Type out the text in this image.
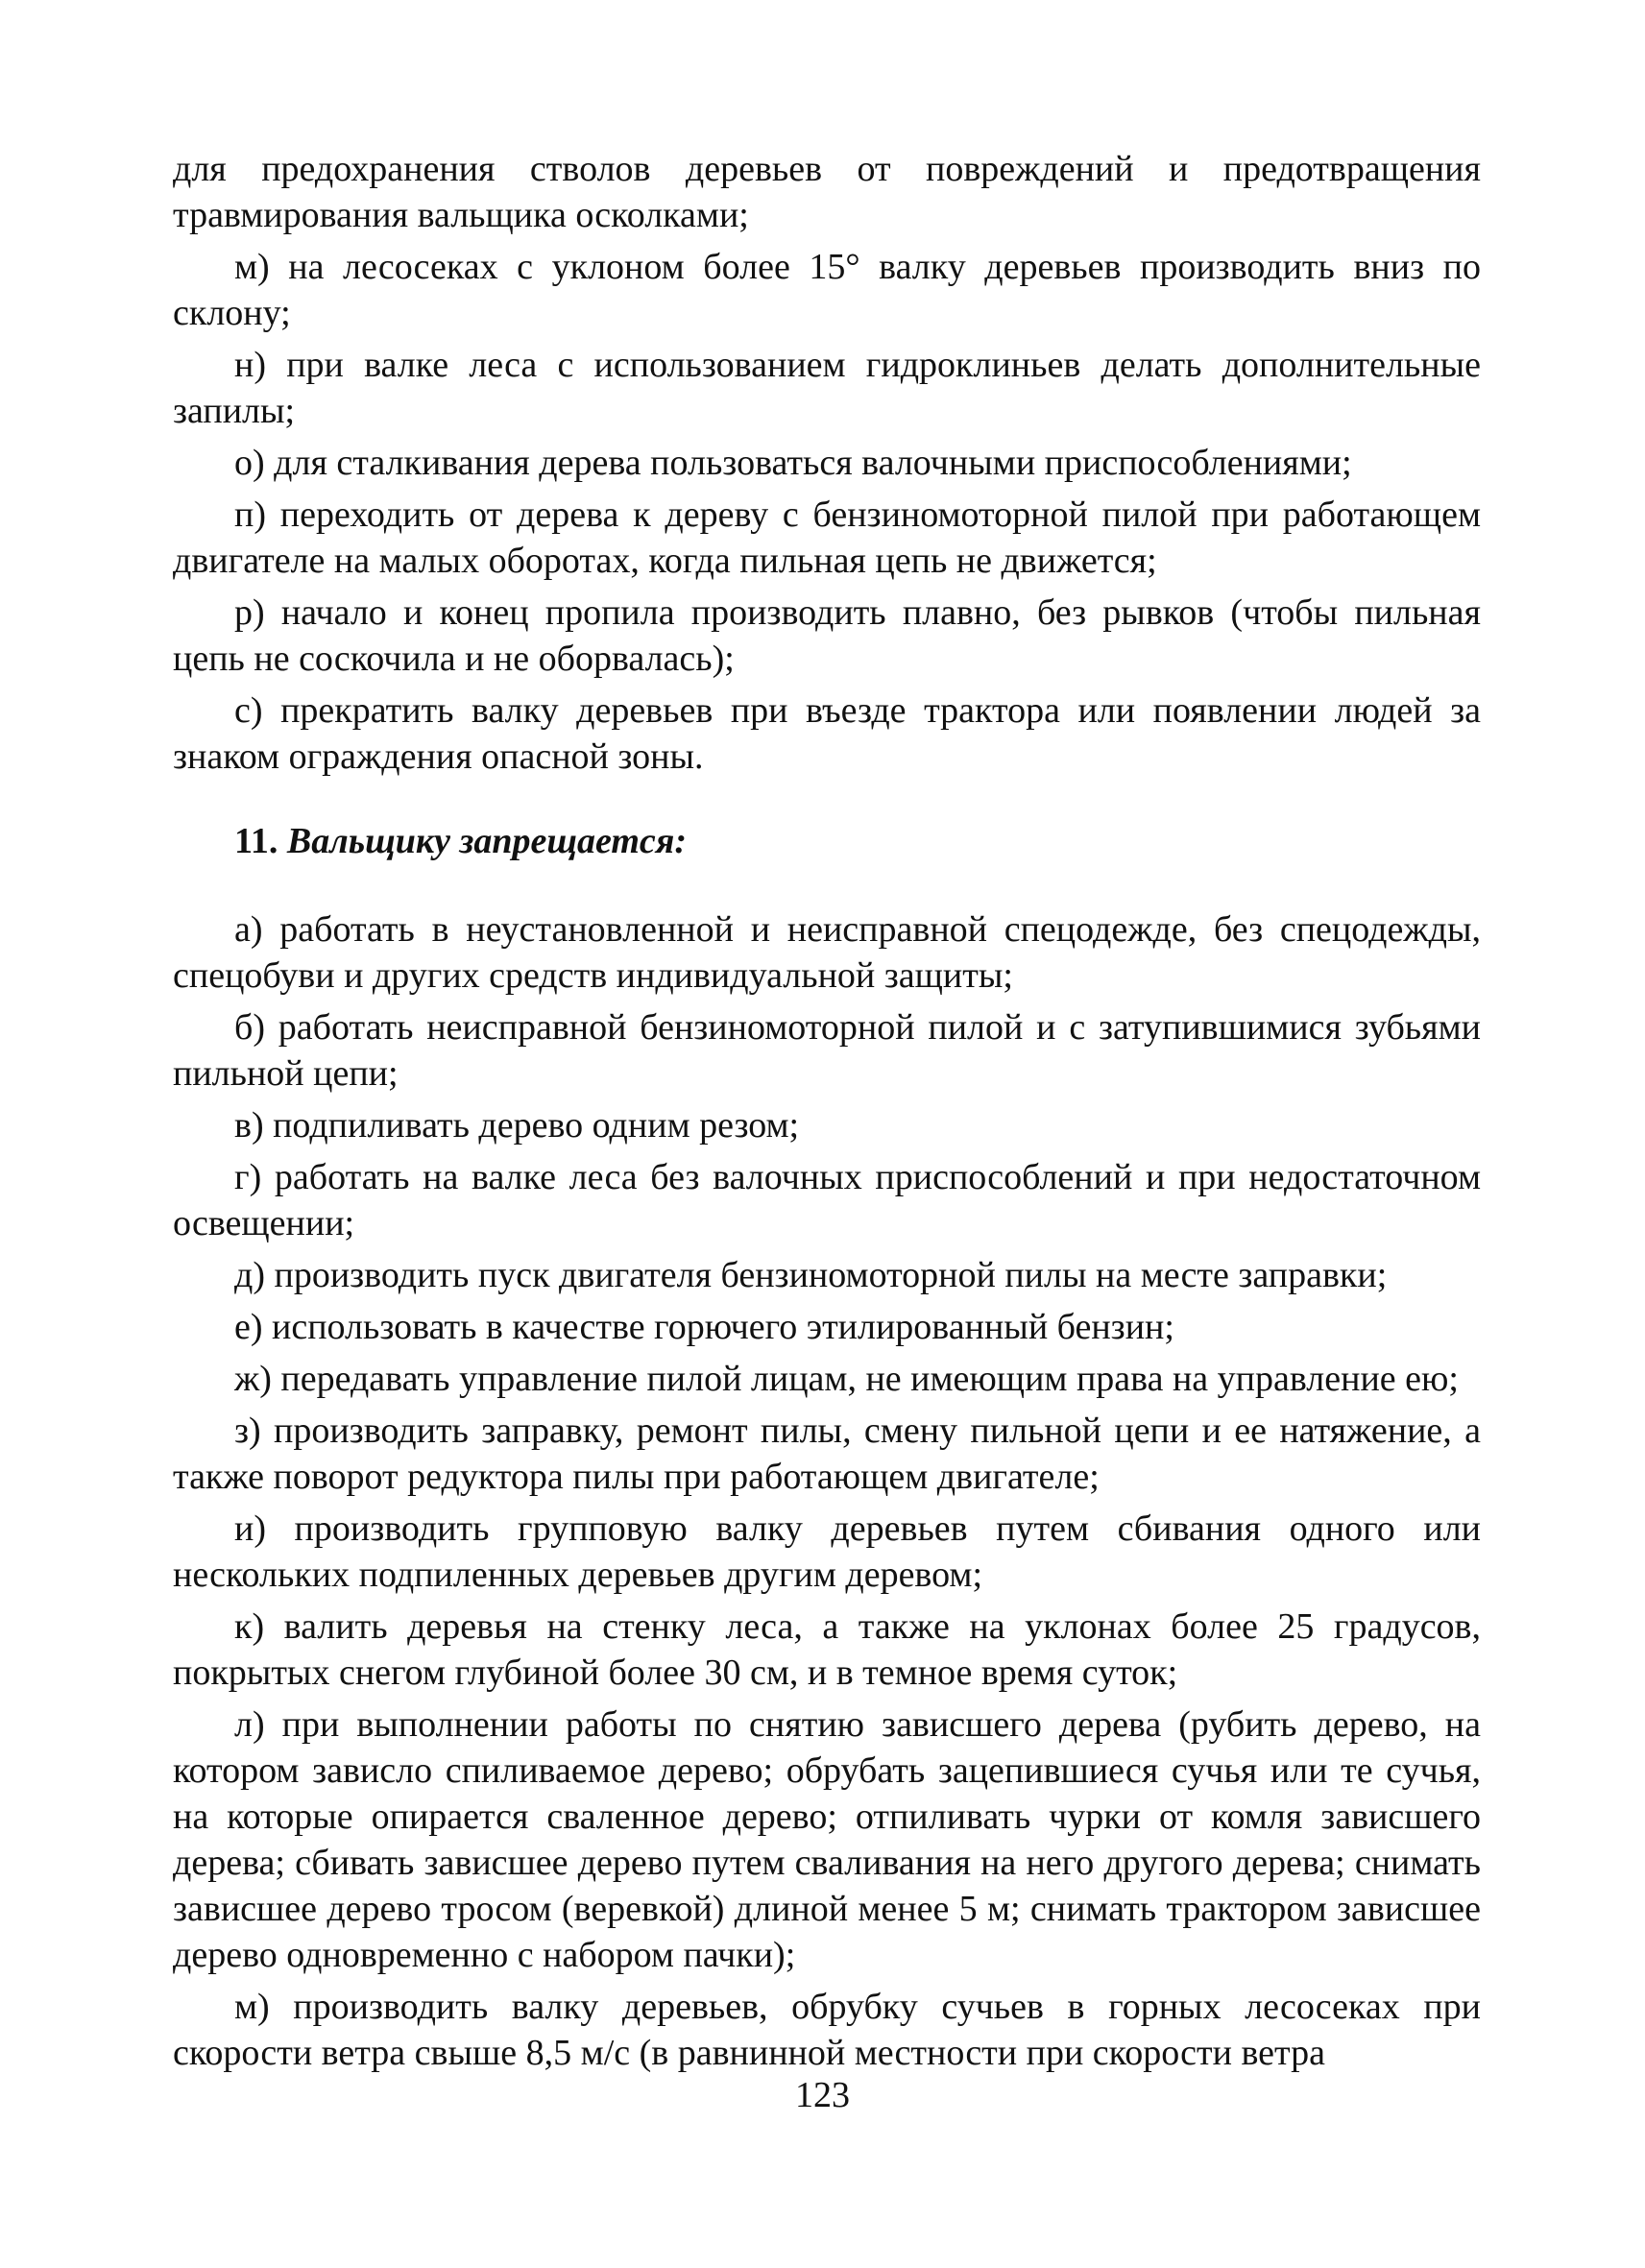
для предохранения стволов деревьев от повреждений и предотвращения травмирования вальщика осколками;

м) на лесосеках с уклоном более 15° валку деревьев производить вниз по склону;

н) при валке леса с использованием гидроклиньев делать дополнительные запилы;

о) для сталкивания дерева пользоваться валочными приспособлениями;

п) переходить от дерева к дереву с бензиномоторной пилой при работающем двигателе на малых оборотах, когда пильная цепь не движется;

р) начало и конец пропила производить плавно, без рывков (чтобы пильная цепь не соскочила и не оборвалась);

с) прекратить валку деревьев при въезде трактора или появлении людей за знаком ограждения опасной зоны.

11. Вальщику запрещается:

а) работать в неустановленной и неисправной спецодежде, без спецодежды, спецобуви и других средств индивидуальной защиты;

б) работать неисправной бензиномоторной пилой и с затупившимися зубьями пильной цепи;

в) подпиливать дерево одним резом;

г) работать на валке леса без валочных приспособлений и при недостаточном освещении;

д) производить пуск двигателя бензиномоторной пилы на месте заправки;

е) использовать в качестве горючего этилированный бензин;

ж) передавать управление пилой лицам, не имеющим права на управление ею;

з) производить заправку, ремонт пилы, смену пильной цепи и ее натяжение, а также поворот редуктора пилы при работающем двигателе;

и) производить групповую валку деревьев путем сбивания одного или нескольких подпиленных деревьев другим деревом;

к) валить деревья на стенку леса, а также на уклонах более 25 градусов, покрытых снегом глубиной более 30 см, и в темное время суток;

л) при выполнении работы по снятию зависшего дерева (рубить дерево, на котором зависло спиливаемое дерево; обрубать зацепившиеся сучья или те сучья, на которые опирается сваленное дерево; отпиливать чурки от комля зависшего дерева; сбивать зависшее дерево путем сваливания на него другого дерева; снимать зависшее дерево тросом (веревкой) длиной менее 5 м; снимать трактором зависшее дерево одновременно с набором пачки);

м) производить валку деревьев, обрубку сучьев в горных лесосеках при скорости ветра свыше 8,5 м/с (в равнинной местности при скорости ветра

123
